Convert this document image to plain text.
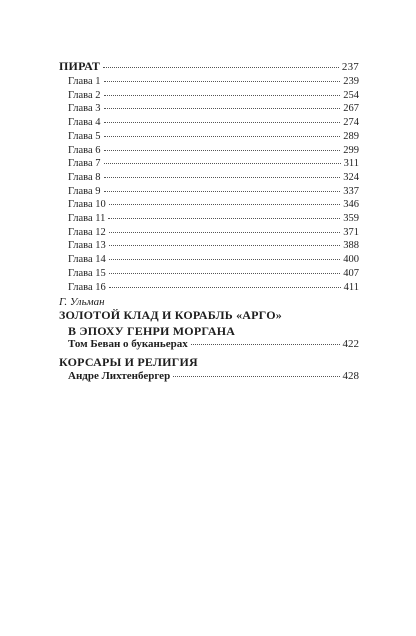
ПИРАТ	237
Глава 1	239
Глава 2	254
Глава 3	267
Глава 4	274
Глава 5	289
Глава 6	299
Глава 7	311
Глава 8	324
Глава 9	337
Глава 10	346
Глава 11	359
Глава 12	371
Глава 13	388
Глава 14	400
Глава 15	407
Глава 16	411
Г. Ульман
ЗОЛОТОЙ КЛАД И КОРАБЛЬ «АРГО»
В ЭПОХУ ГЕНРИ МОРГАНА
Том Беван о буканьерах	422
КОРСАРЫ И РЕЛИГИЯ
Андре Лихтенбергер	428
